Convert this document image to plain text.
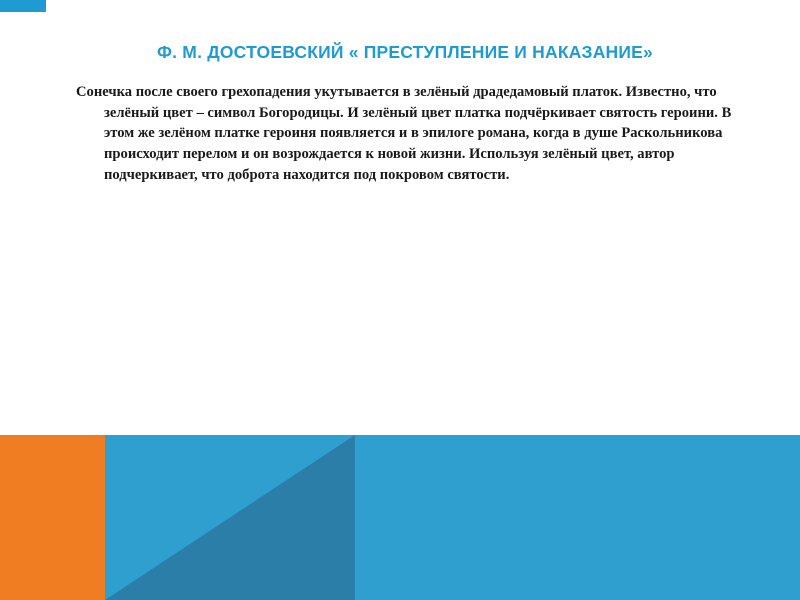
Ф. М. ДОСТОЕВСКИЙ « ПРЕСТУПЛЕНИЕ И НАКАЗАНИЕ»

Сонечка после своего грехопадения укутывается в зелёный драдедамовый платок. Известно, что зелёный цвет – символ Богородицы. И зелёный цвет платка подчёркивает святость героини. В этом же зелёном платке героиня появляется и в эпилоге романа, когда в душе Раскольникова происходит перелом и он возрождается к новой жизни. Используя зелёный цвет, автор подчеркивает, что доброта находится под покровом святости.
